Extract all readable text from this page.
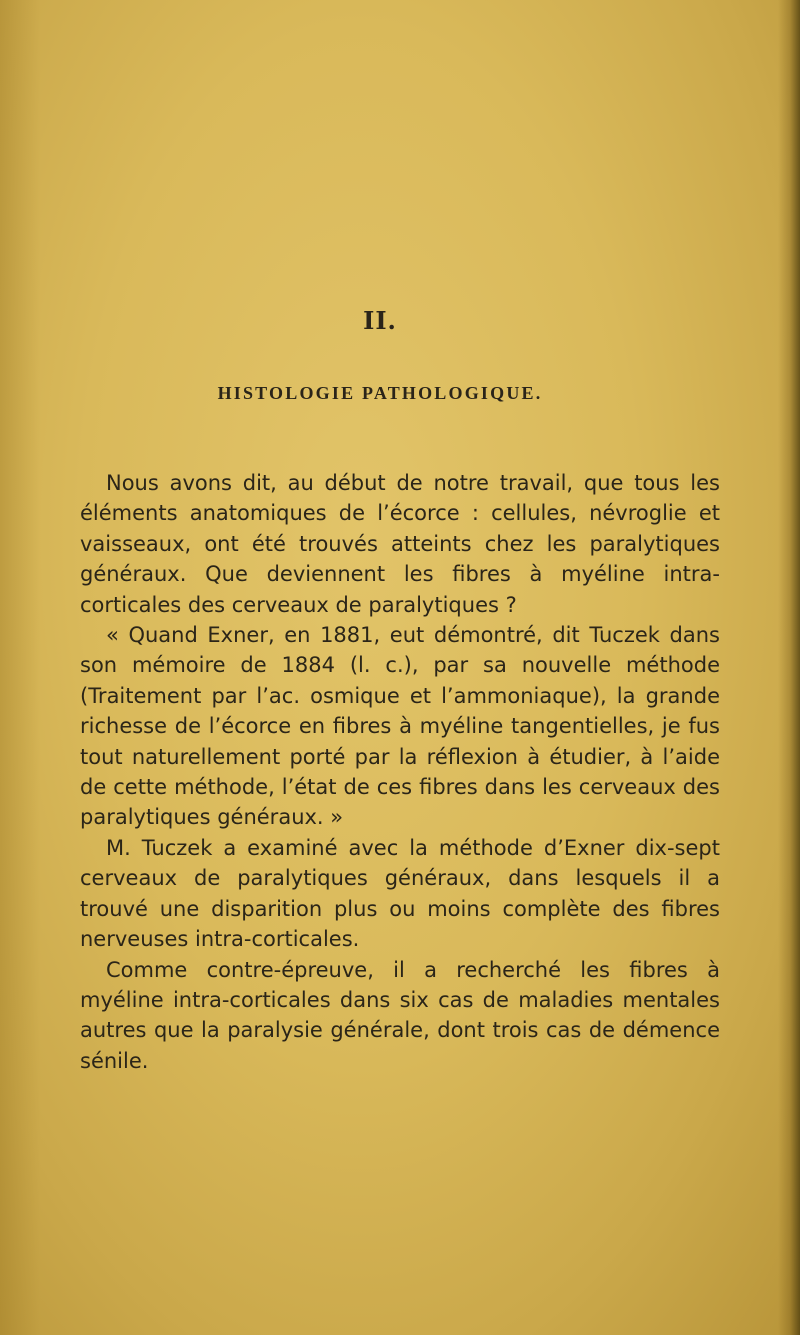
II.
HISTOLOGIE PATHOLOGIQUE.

Nous avons dit, au début de notre travail, que tous les éléments anatomiques de l’écorce : cellules, névroglie et vaisseaux, ont été trouvés atteints chez les paralytiques généraux. Que deviennent les fibres à myéline intra-corticales des cerveaux de paralytiques ?

« Quand Exner, en 1881, eut démontré, dit Tuczek dans son mémoire de 1884 (l. c.), par sa nouvelle méthode (Traitement par l’ac. osmique et l’ammoniaque), la grande richesse de l’écorce en fibres à myéline tangentielles, je fus tout naturellement porté par la réflexion à étudier, à l’aide de cette méthode, l’état de ces fibres dans les cerveaux des paralytiques généraux. »

M. Tuczek a examiné avec la méthode d’Exner dix-sept cerveaux de paralytiques généraux, dans lesquels il a trouvé une disparition plus ou moins complète des fibres nerveuses intra-corticales.

Comme contre-épreuve, il a recherché les fibres à myéline intra-corticales dans six cas de maladies mentales autres que la paralysie générale, dont trois cas de démence sénile.
